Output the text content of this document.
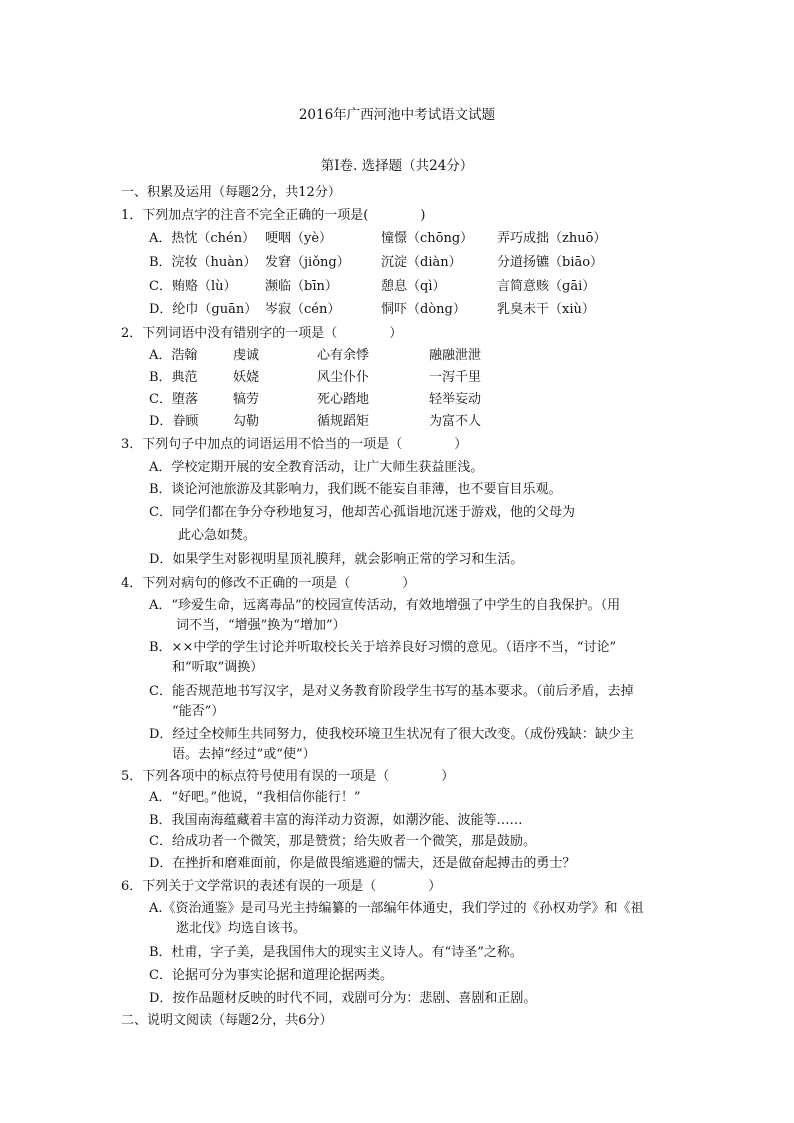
2016年广西河池中考试语文试题
第Ⅰ卷. 选择题（共24分）
一、积累及运用（每题2分，共12分）
1．下列加点字的注音不完全正确的一项是(　　　　)
A．热忱（chén） 哽咽（yè）	憧憬（chōng） 弄巧成拙（zhuō）
B．浣妆（huàn） 发窘（jiǒng） 沉淀（diàn）	分道扬镳（biāo）
C．贿赂（lù） 濒临（bīn）	憩息（qì）	言简意赅（ɡāi）
D．纶巾（ɡuān） 岑寂（cén）	恫吓（dòng） 乳臭未干（xiù）
2．下列词语中没有错别字的一项是（　　　　）
A．浩翰	虔诚	心有余悸	融融泄泄
B．典范	妖娆	风尘仆仆	一泻千里
C．堕落	犒劳	死心踏地	轻举妄动
D．眷顾	勾勒	循规蹈矩	为富不人
3．下列句子中加点的词语运用不恰当的一项是（　　　　）
A．学校定期开展的安全教育活动，让广大师生获益匪浅。
B．谈论河池旅游及其影响力，我们既不能妄自菲薄，也不要盲目乐观。
C．同学们都在争分夺秒地复习，他却苦心孤诣地沉迷于游戏，他的父母为
此心急如焚。
D．如果学生对影视明星顶礼膜拜，就会影响正常的学习和生活。
4．下列对病句的修改不正确的一项是（　　　　）
A．“珍爱生命，远离毒品”的校园宣传活动，有效地增强了中学生的自我保护。（用
词不当，“增强”换为“增加”）
B．××中学的学生讨论并听取校长关于培养良好习惯的意见。（语序不当，“讨论”
和“听取”调换）
C．能否规范地书写汉字，是对义务教育阶段学生书写的基本要求。（前后矛盾，去掉
“能否”）
D．经过全校师生共同努力，使我校环境卫生状况有了很大改变。（成份残缺：缺少主
语。去掉“经过”或“使”）
5．下列各项中的标点符号使用有误的一项是（　　　　）
A．“好吧。”他说，“我相信你能行！”
B．我国南海蕴藏着丰富的海洋动力资源，如潮汐能、波能等……
C．给成功者一个微笑，那是赞赏；给失败者一个微笑，那是鼓励。
D．在挫折和磨难面前，你是做畏缩逃避的懦夫，还是做奋起搏击的勇士？
6．下列关于文学常识的表述有误的一项是（　　　　）
A.《资治通鉴》是司马光主持编纂的一部编年体通史，我们学过的《孙权劝学》和《祖
逖北伐》均选自该书。
B．杜甫，字子美，是我国伟大的现实主义诗人。有“诗圣”之称。
C．论据可分为事实论据和道理论据两类。
D．按作品题材反映的时代不同，戏剧可分为：悲剧、喜剧和正剧。
二、说明文阅读（每题2分，共6分）
